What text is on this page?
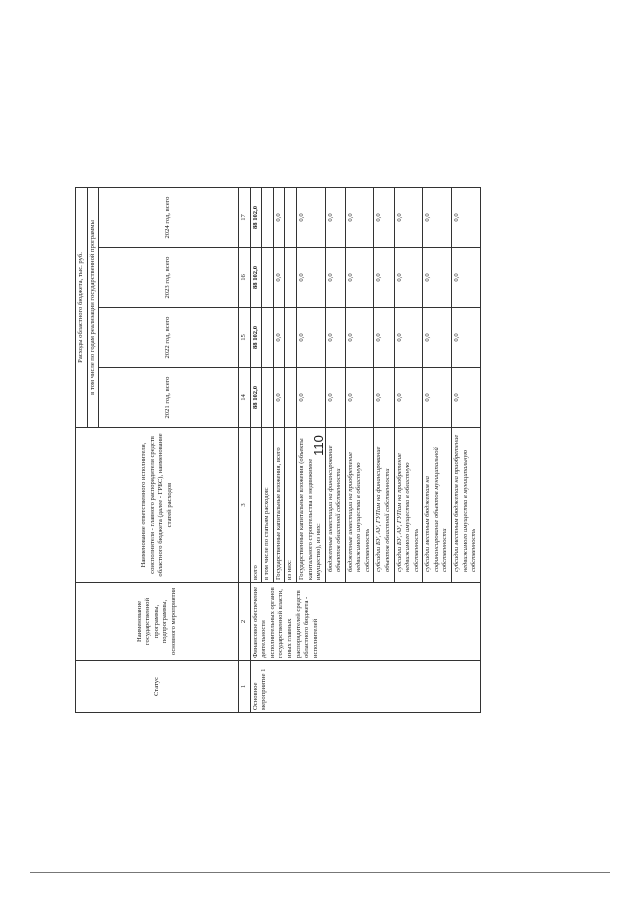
110
Статус	Наименование государственной программы, подпрограммы, основного мероприятия	Наименование ответственного исполнителя, соисполнителя - главного распорядителя средств областного бюджета (далее - ГРБС), наименование статей расходов	Расходы областного бюджета, тыс. руб.			
			в том числе по годам реализации государственной программы			
			2021 год, всего	2022 год, всего	2023 год, всего	2024 год, всего
1	2	3	14	15	16	17
Основное мероприятие 1	Финансовое обеспечение деятельности исполнительных органов государственной власти, иных главных распорядителей средств областного бюджета - исполнителей	всего	88 102,0	88 102,0	88 102,0	88 102,0
		в том числе по статьям расходов:				
		Государственные капитальные вложения, всего	0,0	0,0	0,0	0,0
		из них:				
		Государственные капитальные вложения (объекты капитального строительства и недвижимое имущество), из них:	0,0	0,0	0,0	0,0
		бюджетные инвестиции на финансирование объектов областной собственности	0,0	0,0	0,0	0,0
		бюджетные инвестиции на приобретение недвижимого имущества в областную собственность	0,0	0,0	0,0	0,0
		субсидии БУ, АУ, ГУПам на финансирование объектов областной собственности	0,0	0,0	0,0	0,0
		субсидии БУ, АУ, ГУПам на приобретение недвижимого имущества в областную собственность	0,0	0,0	0,0	0,0
		субсидии местным бюджетам на софинансирование объектов муниципальной собственности	0,0	0,0	0,0	0,0
		субсидии местным бюджетам на приобретение недвижимого имущества в муниципальную собственность	0,0	0,0	0,0	0,0
